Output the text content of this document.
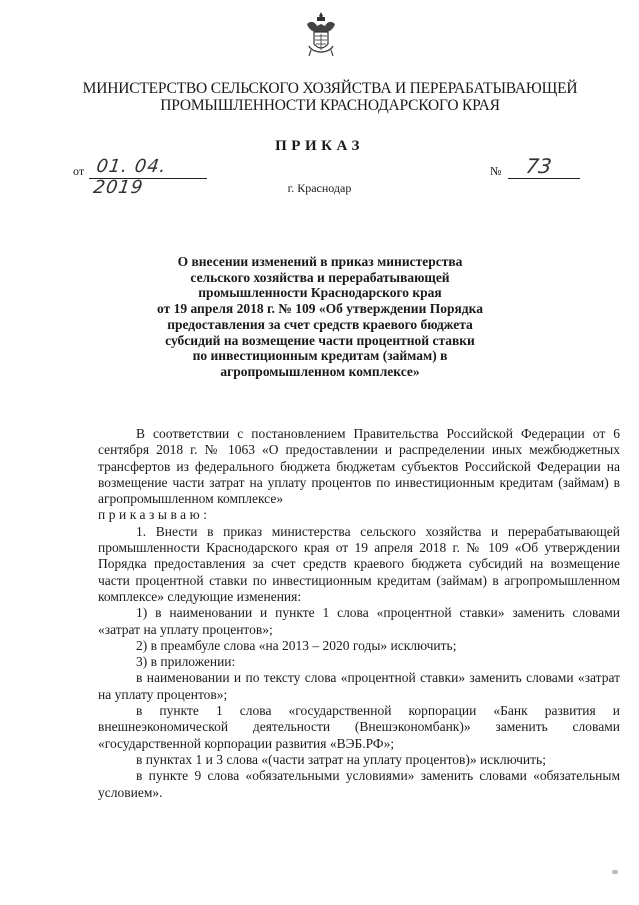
МИНИСТЕРСТВО СЕЛЬСКОГО ХОЗЯЙСТВА И ПЕРЕРАБАТЫВАЮЩЕЙ
ПРОМЫШЛЕННОСТИ КРАСНОДАРСКОГО КРАЯ
ПРИКАЗ
от 01. 04. 2019
№ 73
г. Краснодар
О внесении изменений в приказ министерства
сельского хозяйства и перерабатывающей
промышленности Краснодарского края
от 19 апреля 2018 г. № 109 «Об утверждении Порядка
предоставления за счет средств краевого бюджета
субсидий на возмещение части процентной ставки
по инвестиционным кредитам (займам) в
агропромышленном комплексе»

В соответствии с постановлением Правительства Российской Федерации от 6 сентября 2018 г. № 1063 «О предоставлении и распределении иных межбюджетных трансфертов из федерального бюджета бюджетам субъектов Российской Федерации на возмещение части затрат на уплату процентов по инвестиционным кредитам (займам) в агропромышленном комплексе»

приказываю:

1. Внести в приказ министерства сельского хозяйства и перерабатывающей промышленности Краснодарского края от 19 апреля 2018 г. № 109 «Об утверждении Порядка предоставления за счет средств краевого бюджета субсидий на возмещение части процентной ставки по инвестиционным кредитам (займам) в агропромышленном комплексе» следующие изменения:

1) в наименовании и пункте 1 слова «процентной ставки» заменить словами «затрат на уплату процентов»;

2) в преамбуле слова «на 2013 – 2020 годы» исключить;

3) в приложении:

в наименовании и по тексту слова «процентной ставки» заменить словами «затрат на уплату процентов»;

в пункте 1 слова «государственной корпорации «Банк развития и внешнеэкономической деятельности (Внешэкономбанк)» заменить словами «государственной корпорации развития «ВЭБ.РФ»;

в пунктах 1 и 3 слова «(части затрат на уплату процентов)» исключить;

в пункте 9 слова «обязательными условиями» заменить словами «обязательным условием».
